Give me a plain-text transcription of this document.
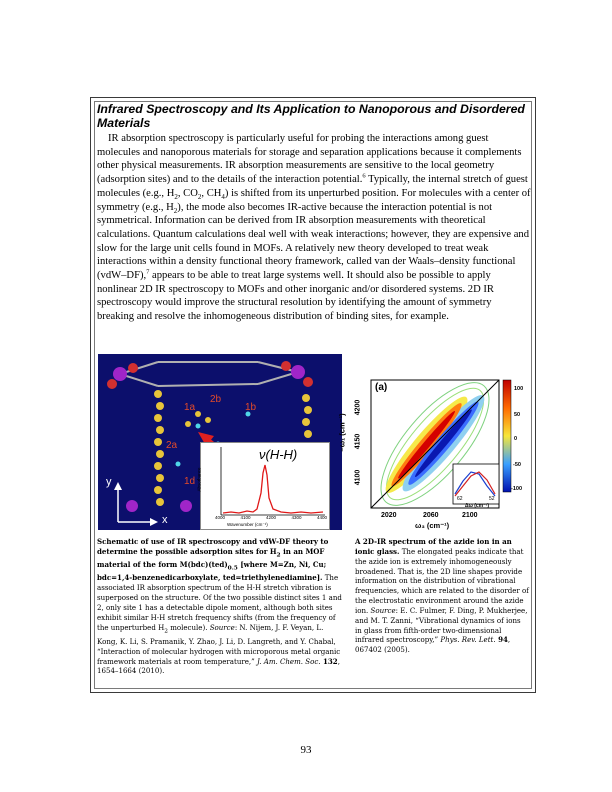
Infrared Spectroscopy and Its Application to Nanoporous and Disordered Materials

IR absorption spectroscopy is particularly useful for probing the interactions among guest molecules and nanoporous materials for storage and separation applications because it complements other physical measurements. IR absorption measurements are sensitive to the local geometry (adsorption sites) and to the details of the interaction potential.$^6$ Typically, the internal stretch of guest molecules (e.g., $H_2$, $CO_2$, $CH_4$) is shifted from its unperturbed position. For molecules with a center of symmetry (e.g., $H_2$), the mode also becomes IR-active because the interaction potential is not symmetrical. Information can be derived from IR absorption measurements with theoretical calculations. Quantum calculations deal well with weak interactions; however, they are expensive and slow for the large unit cells found in MOFs. A relatively new theory developed to treat weak interactions within a density functional theory framework, called van der Waals–density functional (vdW–DF),$^7$ appears to be able to treat large systems well. It should also be possible to apply nonlinear 2D IR spectroscopy to MOFs and other inorganic and/or disordered systems. 2D IR spectroscopy would improve the structural resolution by identifying the amount of symmetry breaking and resolve the inhomogeneous distribution of binding sites, for example.

2b
1a	1b
2a
1d
y
x
ν(H-H)
Absorbance
4000	4100	4200	4300	4400
Wavenumber (cm⁻¹)
(a)
−ω₁ (cm⁻¹)
4100
4150
4200
2020	2060	2100
ω₃ (cm⁻¹)
100
50
0
-50
-100
62	52
Δω (cm⁻¹)

Schematic of use of IR spectroscopy and vdW-DF theory to determine the possible adsorption sites for $H_2$ in an MOF material of the form $M(bdc)(ted)_{0.5}$ [where M=Zn, Ni, Cu; bdc=1,4-benzenedicarboxylate, ted=triethylenediamine]. The associated IR absorption spectrum of the H-H stretch vibration is superposed on the structure. Of the two possible distinct sites 1 and 2, only site 1 has a detectable dipole moment, although both sites exhibit similar H-H stretch frequency shifts (from the frequency of the unperturbed $H_2$ molecule). Source: N. Nijem, J. F. Veyan, L. Kong, K. Li, S. Pramanik, Y. Zhao, J. Li, D. Langreth, and Y. Chabal, “Interaction of molecular hydrogen with microporous metal organic framework materials at room temperature,” J. Am. Chem. Soc. 132, 1654–1664 (2010).

A 2D-IR spectrum of the azide ion in an ionic glass. The elongated peaks indicate that the azide ion is extremely inhomogeneously broadened. That is, the 2D line shapes provide information on the distribution of vibrational frequencies, which are related to the disorder of the electrostatic environment around the azide ion. Source: E. C. Fulmer, F. Ding, P. Mukherjee, and M. T. Zanni, “Vibrational dynamics of ions in glass from fifth-order two-dimensional infrared spectroscopy,” Phys. Rev. Lett. 94, 067402 (2005).

93
